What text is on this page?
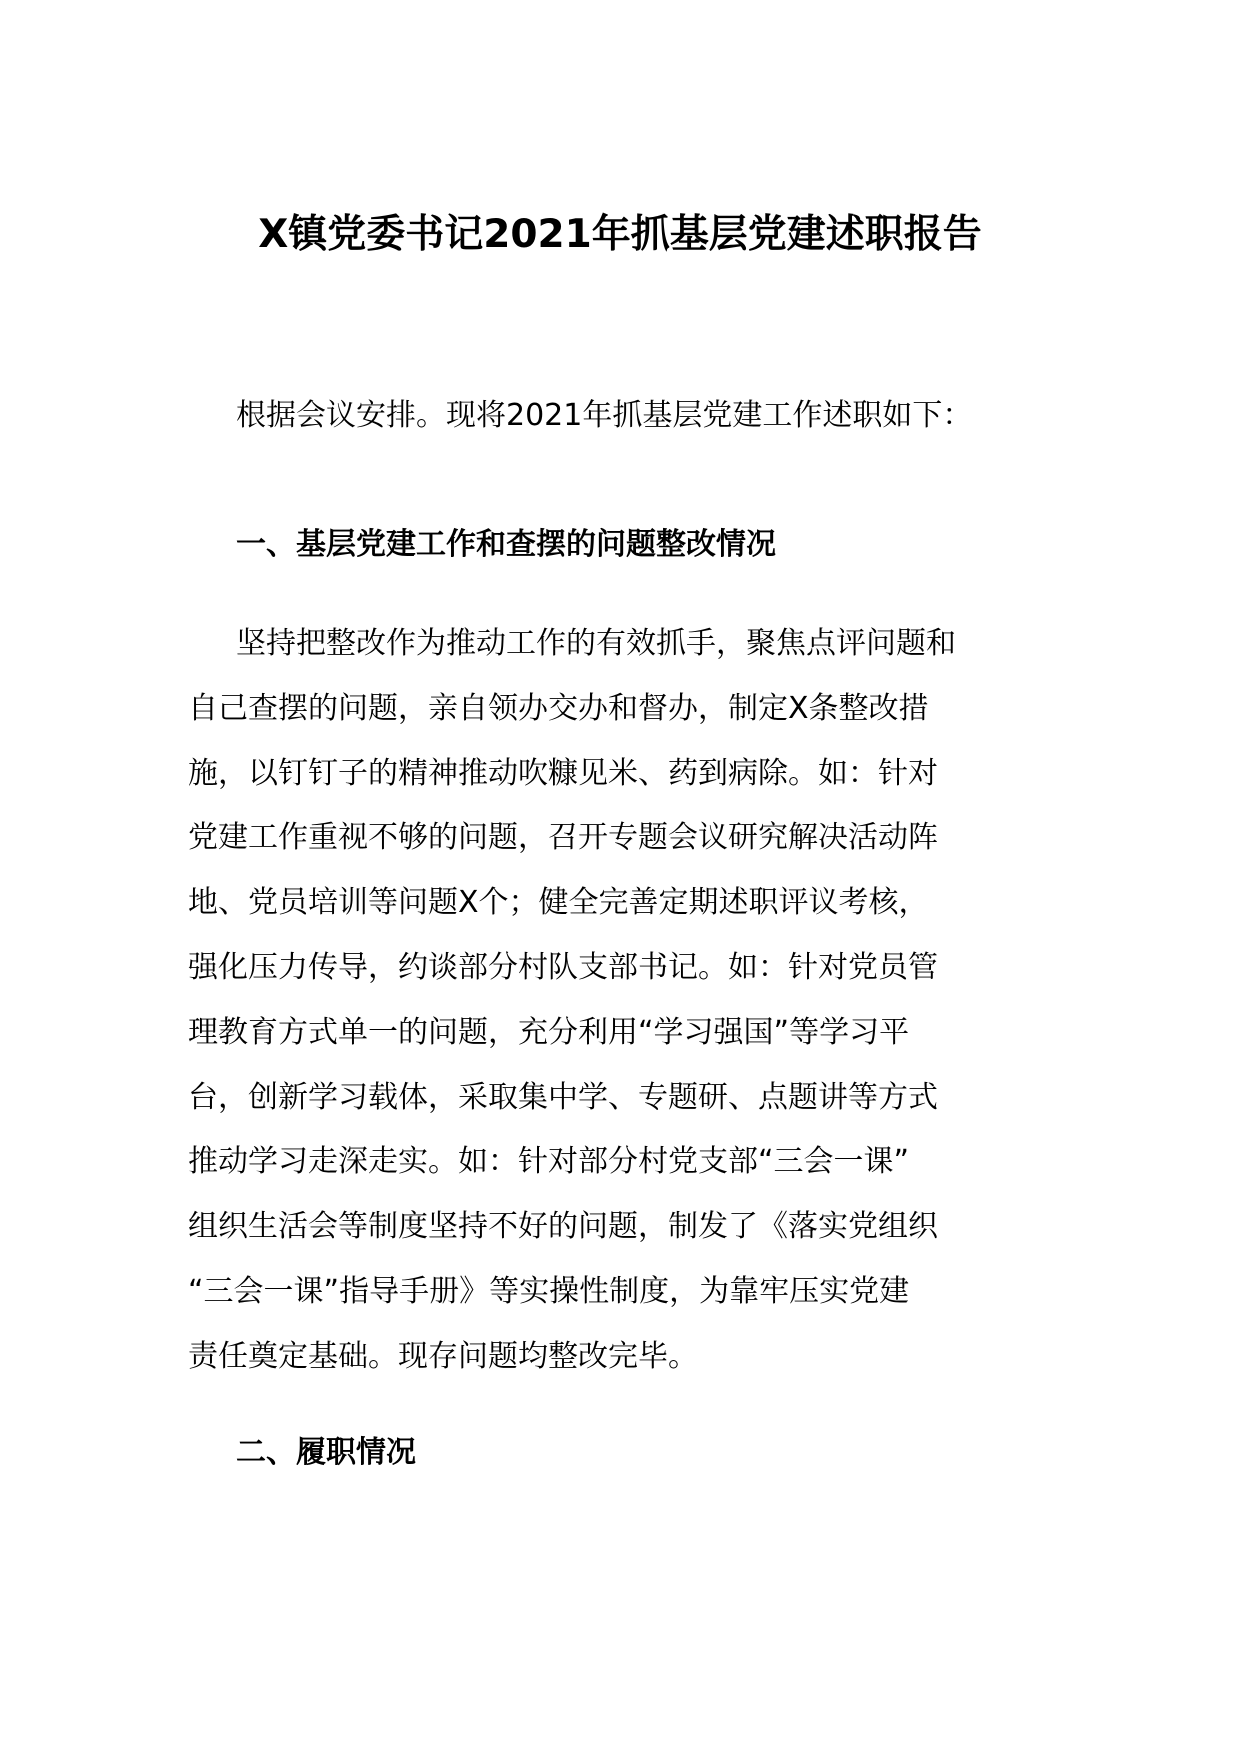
X镇党委书记2021年抓基层党建述职报告

根据会议安排。现将2021年抓基层党建工作述职如下：

一、基层党建工作和查摆的问题整改情况
坚持把整改作为推动工作的有效抓手，聚焦点评问题和
自己查摆的问题，亲自领办交办和督办，制定X条整改措
施，以钉钉子的精神推动吹糠见米、药到病除。如：针对
党建工作重视不够的问题，召开专题会议研究解决活动阵
地、党员培训等问题X个；健全完善定期述职评议考核，
强化压力传导，约谈部分村队支部书记。如：针对党员管
理教育方式单一的问题，充分利用“学习强国”等学习平
台，创新学习载体，采取集中学、专题研、点题讲等方式
推动学习走深走实。如：针对部分村党支部“三会一课”
组织生活会等制度坚持不好的问题，制发了《落实党组织
“三会一课”指导手册》等实操性制度，为靠牢压实党建
责任奠定基础。现存问题均整改完毕。
二、履职情况
